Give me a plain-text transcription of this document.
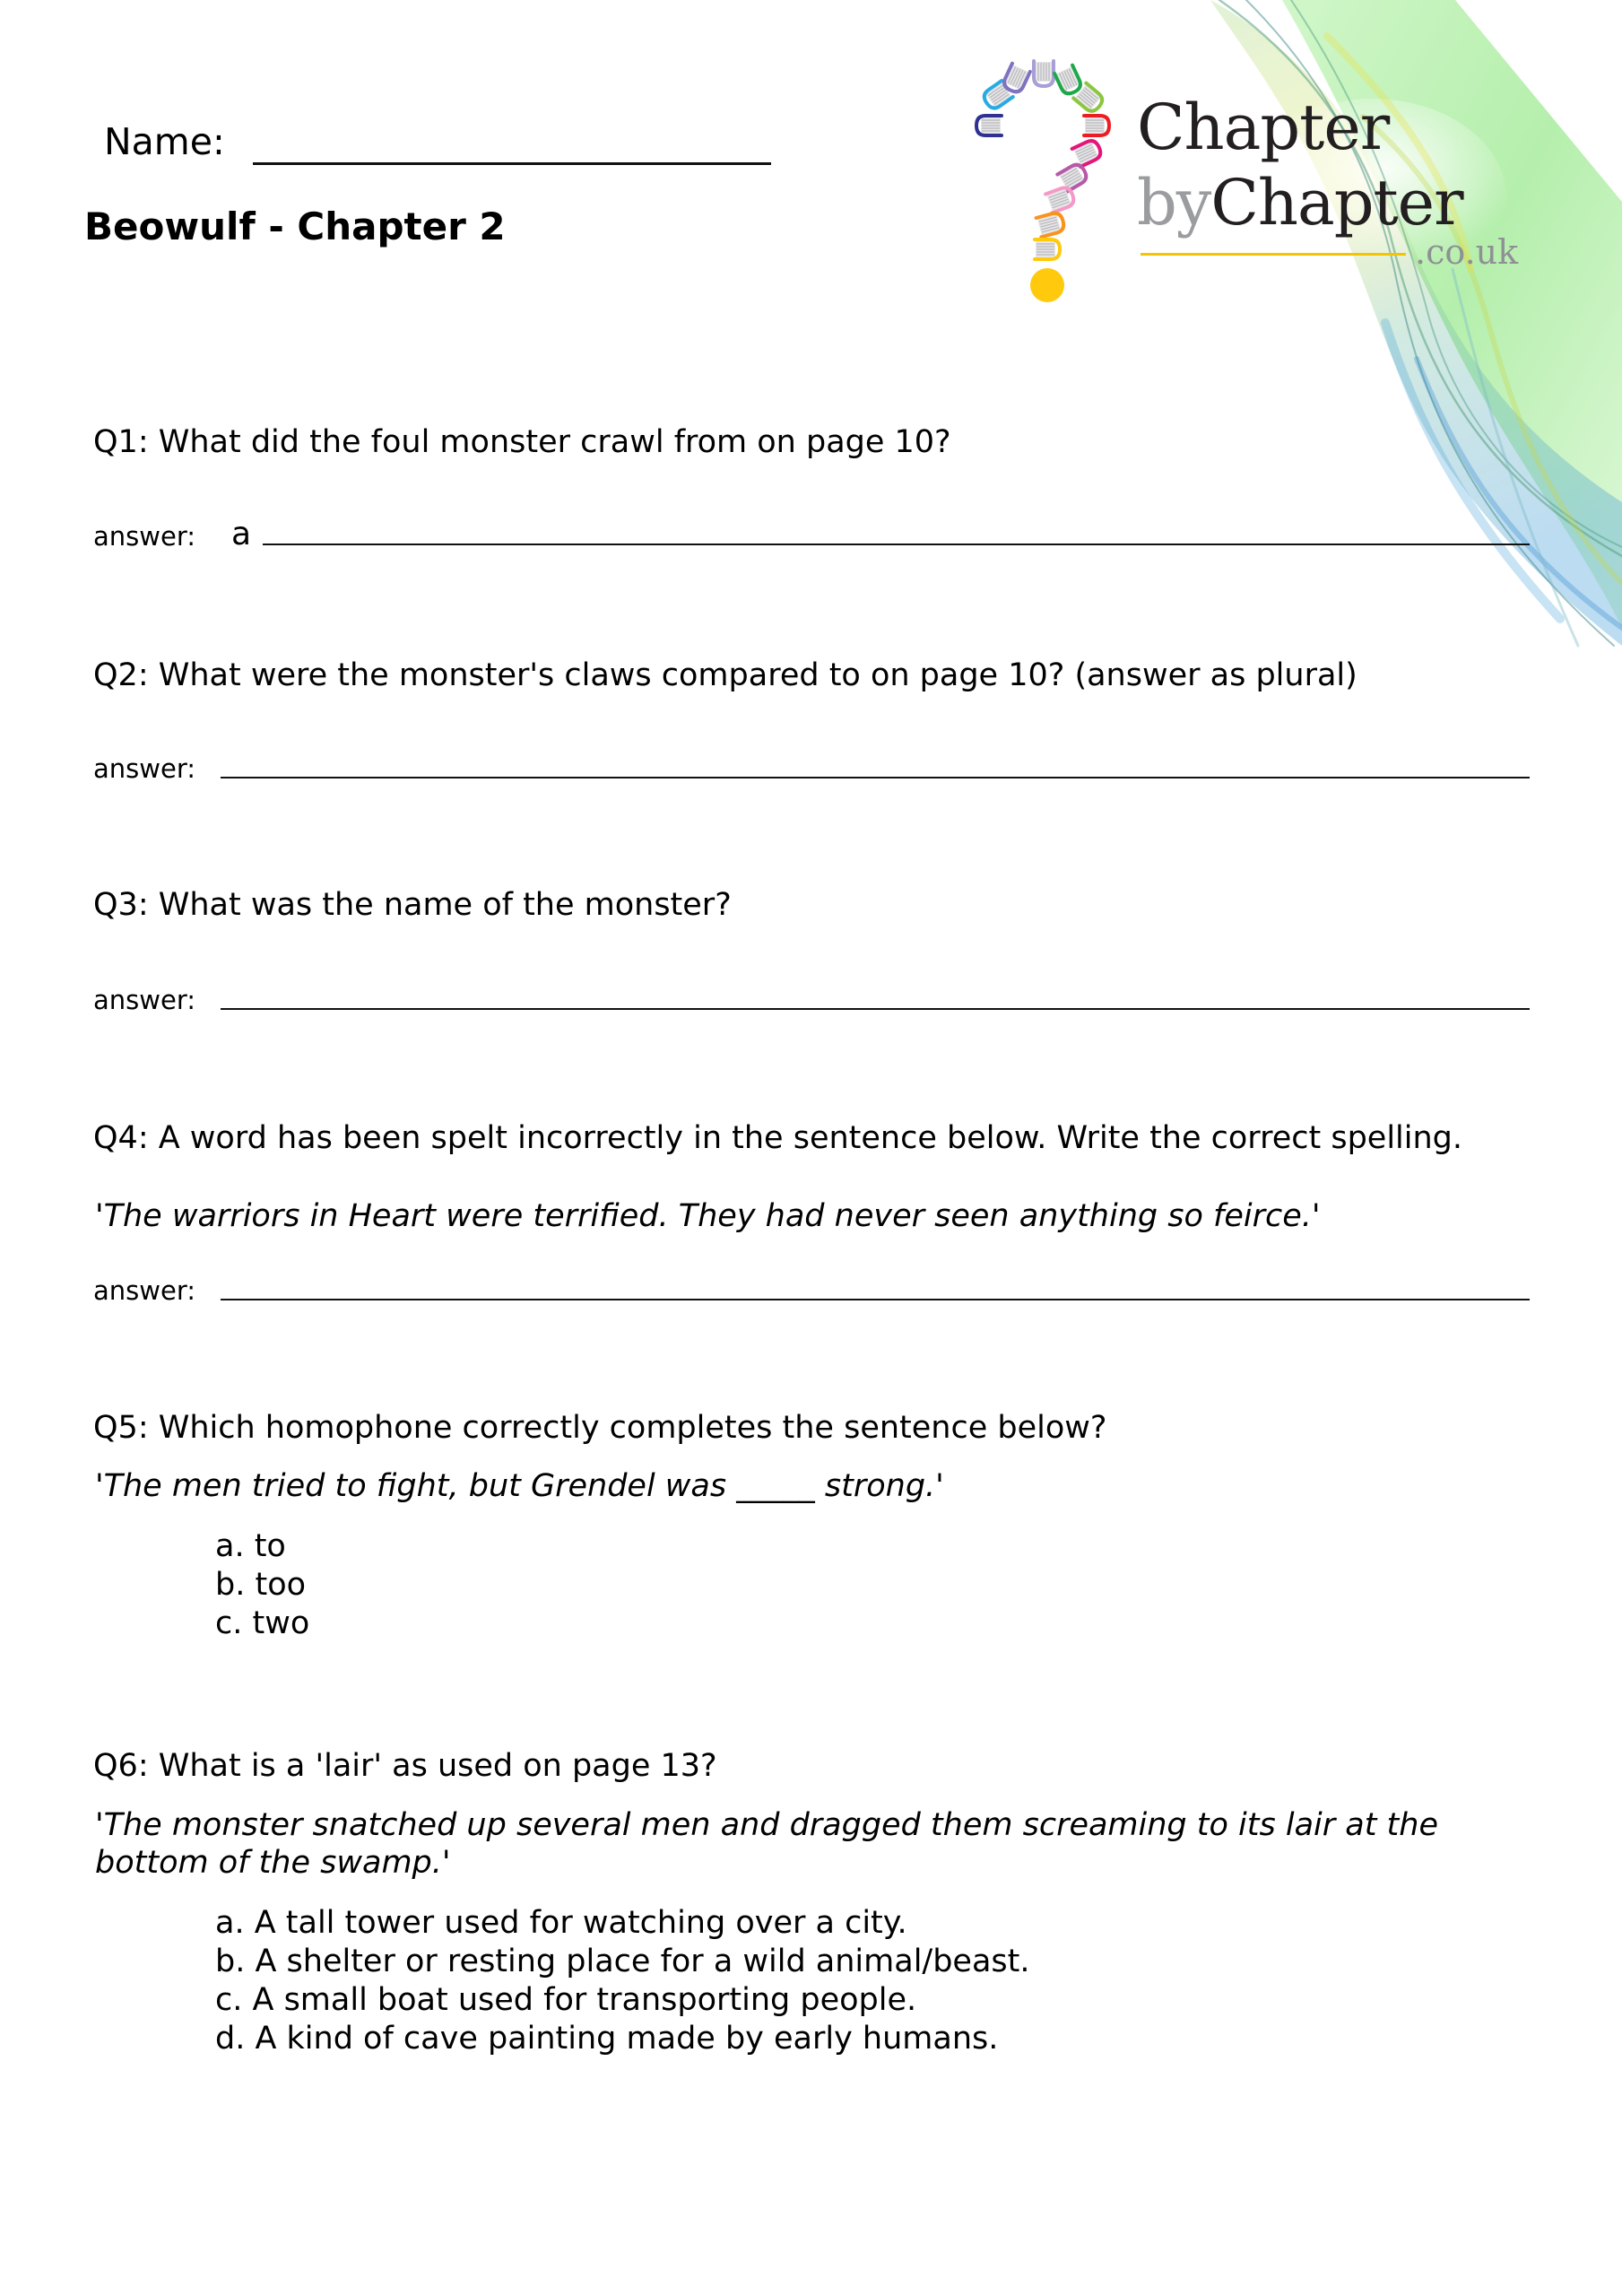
Name:
Beowulf - Chapter 2
Chapter
byChapter
.co.uk
Q1: What did the foul monster crawl from on page 10?
answer: a
Q2: What were the monster's claws compared to on page 10? (answer as plural)
answer:
Q3: What was the name of the monster?
answer:
Q4: A word has been spelt incorrectly in the sentence below. Write the correct spelling.
'The warriors in Heart were terrified. They had never seen anything so feirce.'
answer:
Q5: Which homophone correctly completes the sentence below?
'The men tried to fight, but Grendel was _____ strong.'
a. to
b. too
c. two
Q6: What is a 'lair' as used on page 13?
'The monster snatched up several men and dragged them screaming to its lair at the bottom of the swamp.'
a. A tall tower used for watching over a city.
b. A shelter or resting place for a wild animal/beast.
c. A small boat used for transporting people.
d. A kind of cave painting made by early humans.
